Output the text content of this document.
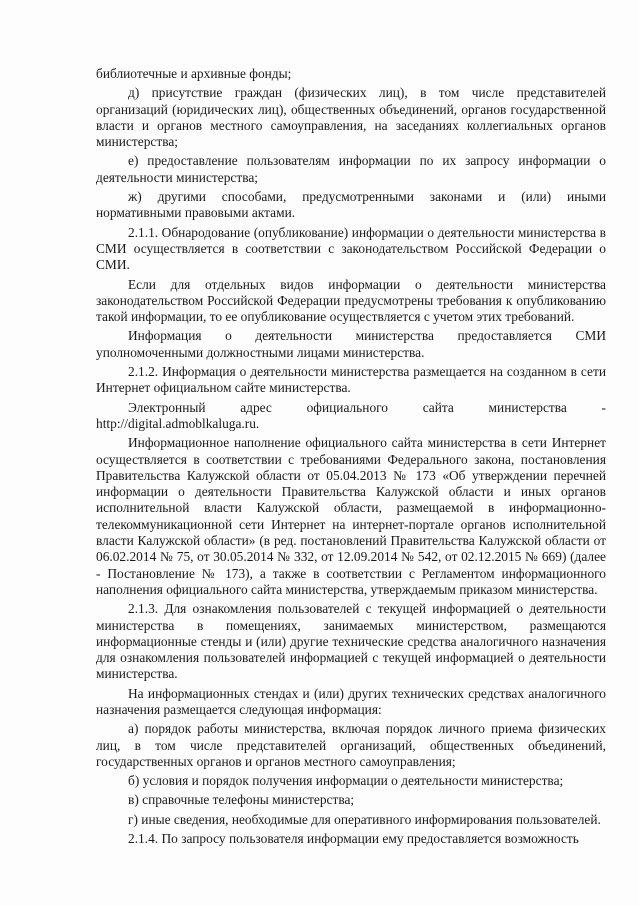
библиотечные и архивные фонды;

д) присутствие граждан (физических лиц), в том числе представителей организаций (юридических лиц), общественных объединений, органов государственной власти и органов местного самоуправления, на заседаниях коллегиальных органов министерства;

е) предоставление пользователям информации по их запросу информации о деятельности министерства;

ж) другими способами, предусмотренными законами и (или) иными нормативными правовыми актами.

2.1.1. Обнародование (опубликование) информации о деятельности министерства в СМИ осуществляется в соответствии с законодательством Российской Федерации о СМИ.

Если для отдельных видов информации о деятельности министерства законодательством Российской Федерации предусмотрены требования к опубликованию такой информации, то ее опубликование осуществляется с учетом этих требований.

Информация о деятельности министерства предоставляется СМИ уполномоченными должностными лицами министерства.

2.1.2. Информация о деятельности министерства размещается на созданном в сети Интернет официальном сайте министерства.

Электронный адрес официального сайта министерства - http://digital.admoblkaluga.ru.

Информационное наполнение официального сайта министерства в сети Интернет осуществляется в соответствии с требованиями Федерального закона, постановления Правительства Калужской области от 05.04.2013 № 173 «Об утверждении перечней информации о деятельности Правительства Калужской области и иных органов исполнительной власти Калужской области, размещаемой в информационно-телекоммуникационной сети Интернет на интернет-портале органов исполнительной власти Калужской области» (в ред. постановлений Правительства Калужской области от 06.02.2014 № 75, от 30.05.2014 № 332, от 12.09.2014 № 542, от 02.12.2015 № 669) (далее - Постановление № 173), а также в соответствии с Регламентом информационного наполнения официального сайта министерства, утверждаемым приказом министерства.

2.1.3. Для ознакомления пользователей с текущей информацией о деятельности министерства в помещениях, занимаемых министерством, размещаются информационные стенды и (или) другие технические средства аналогичного назначения для ознакомления пользователей информацией с текущей информацией о деятельности министерства.

На информационных стендах и (или) других технических средствах аналогичного назначения размещается следующая информация:

а) порядок работы министерства, включая порядок личного приема физических лиц, в том числе представителей организаций, общественных объединений, государственных органов и органов местного самоуправления;

б) условия и порядок получения информации о деятельности министерства;

в) справочные телефоны министерства;

г) иные сведения, необходимые для оперативного информирования пользователей.

2.1.4. По запросу пользователя информации ему предоставляется возможность
